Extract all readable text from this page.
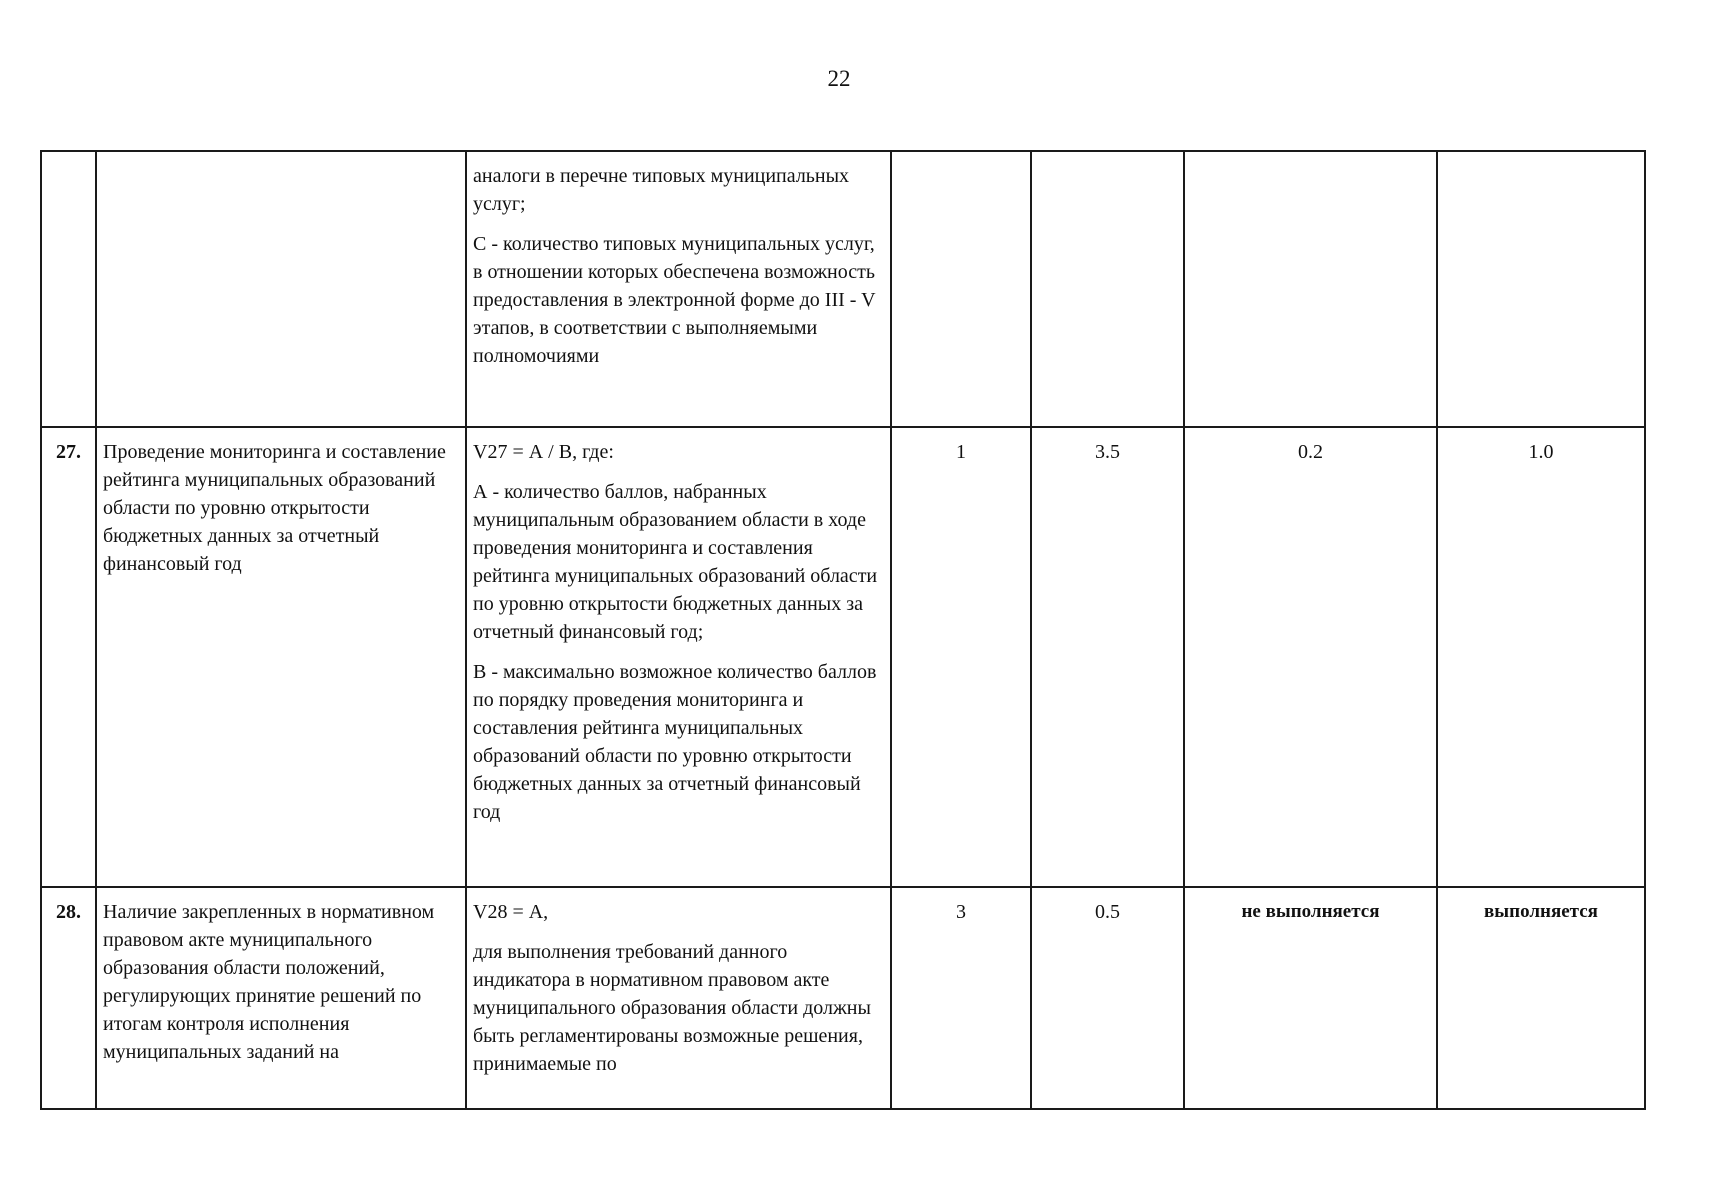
22

		аналоги в перечне типовых муниципальных услуг;

С - количество типовых муниципальных услуг, в отношении которых обеспечена возможность предоставления в электронной форме до III - V этапов, в соответствии с выполняемыми полномочиями				

27.	Проведение мониторинга и составление рейтинга муниципальных образований области по уровню открытости бюджетных данных за отчетный финансовый год	V27 = А / В, где:

А - количество баллов, набранных муниципальным образованием области в ходе проведения мониторинга и составления рейтинга муниципальных образований области по уровню открытости бюджетных данных за отчетный финансовый год;

В - максимально возможное количество баллов по порядку проведения мониторинга и составления рейтинга муниципальных образований области по уровню открытости бюджетных данных за отчетный финансовый год	1	3.5	0.2	1.0
28.	Наличие закрепленных в нормативном правовом акте муниципального образования области положений, регулирующих принятие решений по итогам контроля исполнения муниципальных заданий на	V28 = А,

для выполнения требований данного индикатора в нормативном правовом акте муниципального образования области должны быть регламентированы возможные решения, принимаемые по	3	0.5	не выполняется	выполняется
